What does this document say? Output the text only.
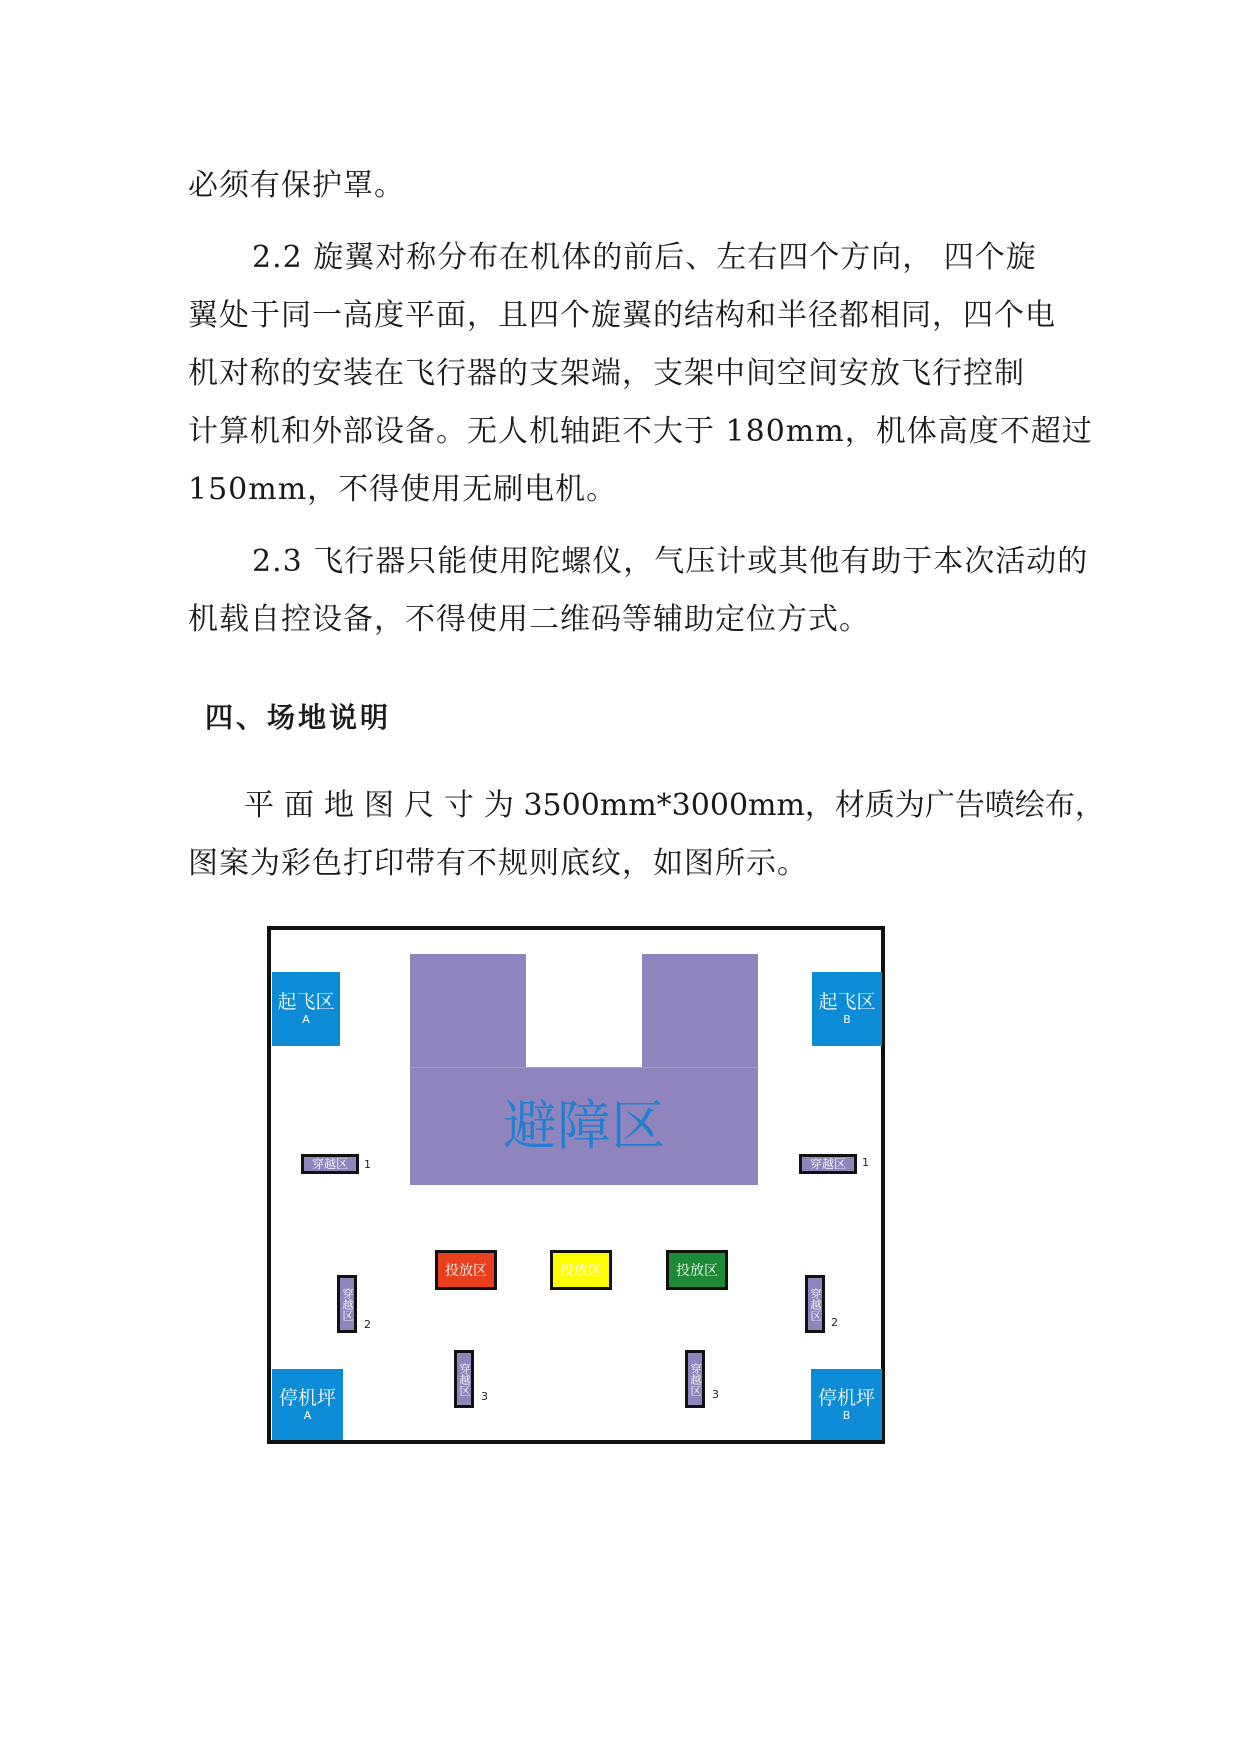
必须有保护罩。
2.2 旋翼对称分布在机体的前后、左右四个方向， 四个旋
翼处于同一高度平面，且四个旋翼的结构和半径都相同，四个电
机对称的安装在飞行器的支架端，支架中间空间安放飞行控制
计算机和外部设备。无人机轴距不大于 180mm，机体高度不超过
150mm，不得使用无刷电机。
2.3 飞行器只能使用陀螺仪，气压计或其他有助于本次活动的
机载自控设备，不得使用二维码等辅助定位方式。
四、场地说明
平 面 地 图 尺 寸 为 3500mm*3000mm，材质为广告喷绘布，
图案为彩色打印带有不规则底纹，如图所示。
起飞区
A
起飞区
B
避障区
穿越区	1	穿越区	1
投放区	投放区	投放区
穿越区
2
穿越区
2
穿越区
3
穿越区 3
停机坪
A
停机坪
B
